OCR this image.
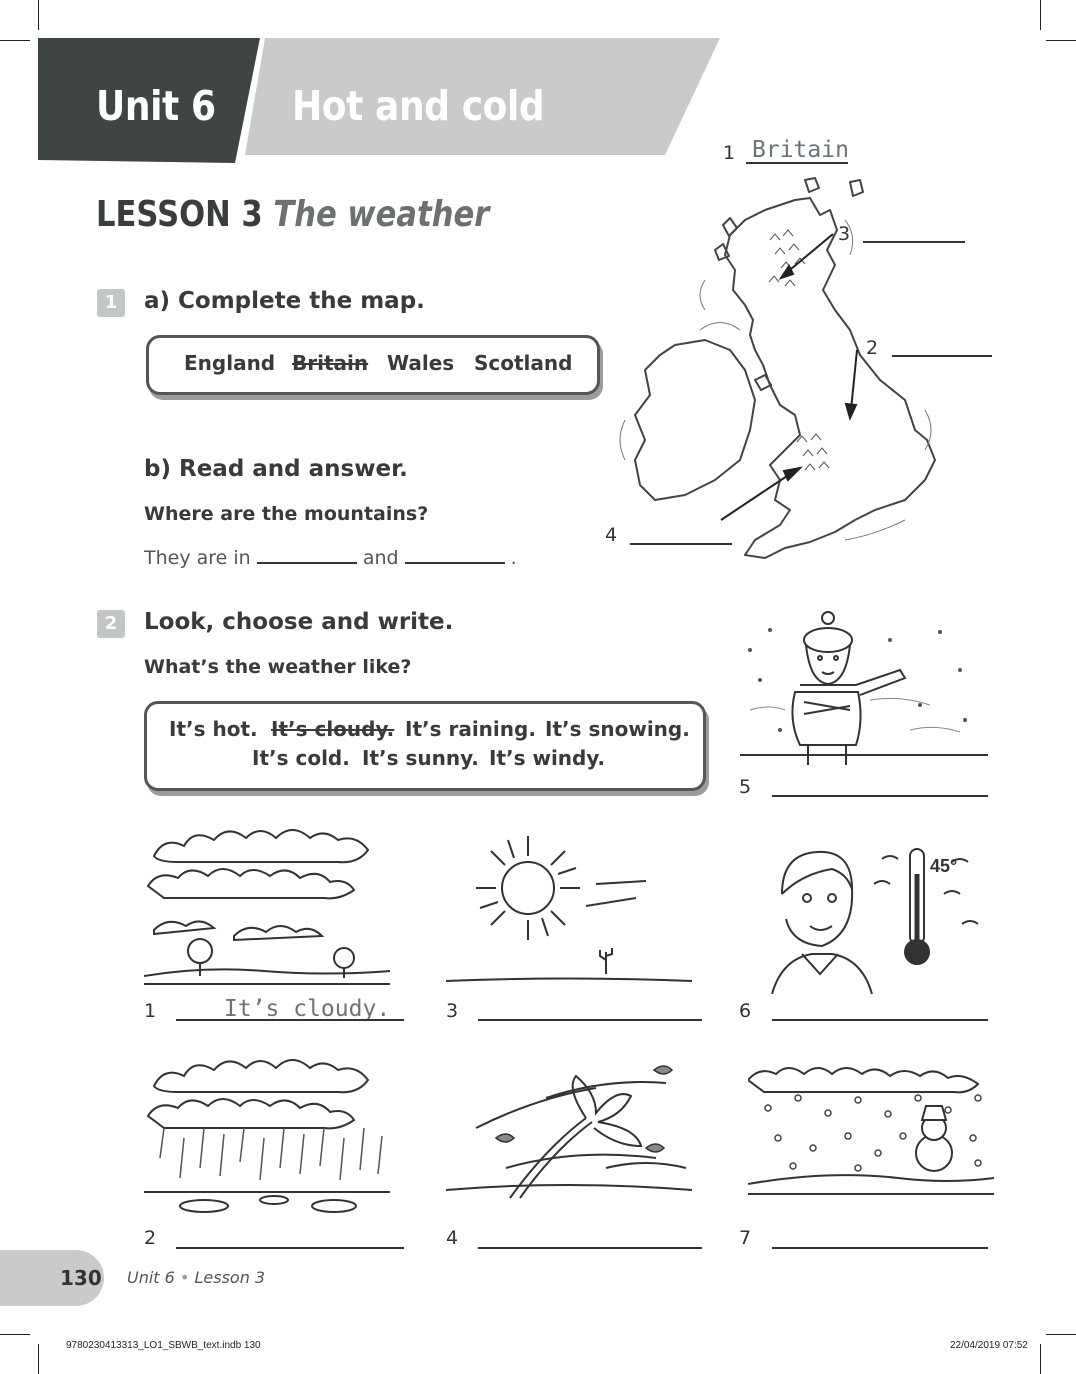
Unit 6 Hot and cold
LESSON 3 The weather
1	a) Complete the map.
England Britain Wales Scotland
b) Read and answer.
Where are the mountains?
They are in	and	.
1 Britain
2
3
4
2	Look, choose and write.
What’s the weather like?
It’s hot. It’s cloudy. It’s raining. It’s snowing.
It’s cold. It’s sunny. It’s windy.
5
1	It’s cloudy.	3
45°
6
2	4	7
130 Unit 6 • Lesson 3
9780230413313_LO1_SBWB_text.indb 130	22/04/2019 07:52
